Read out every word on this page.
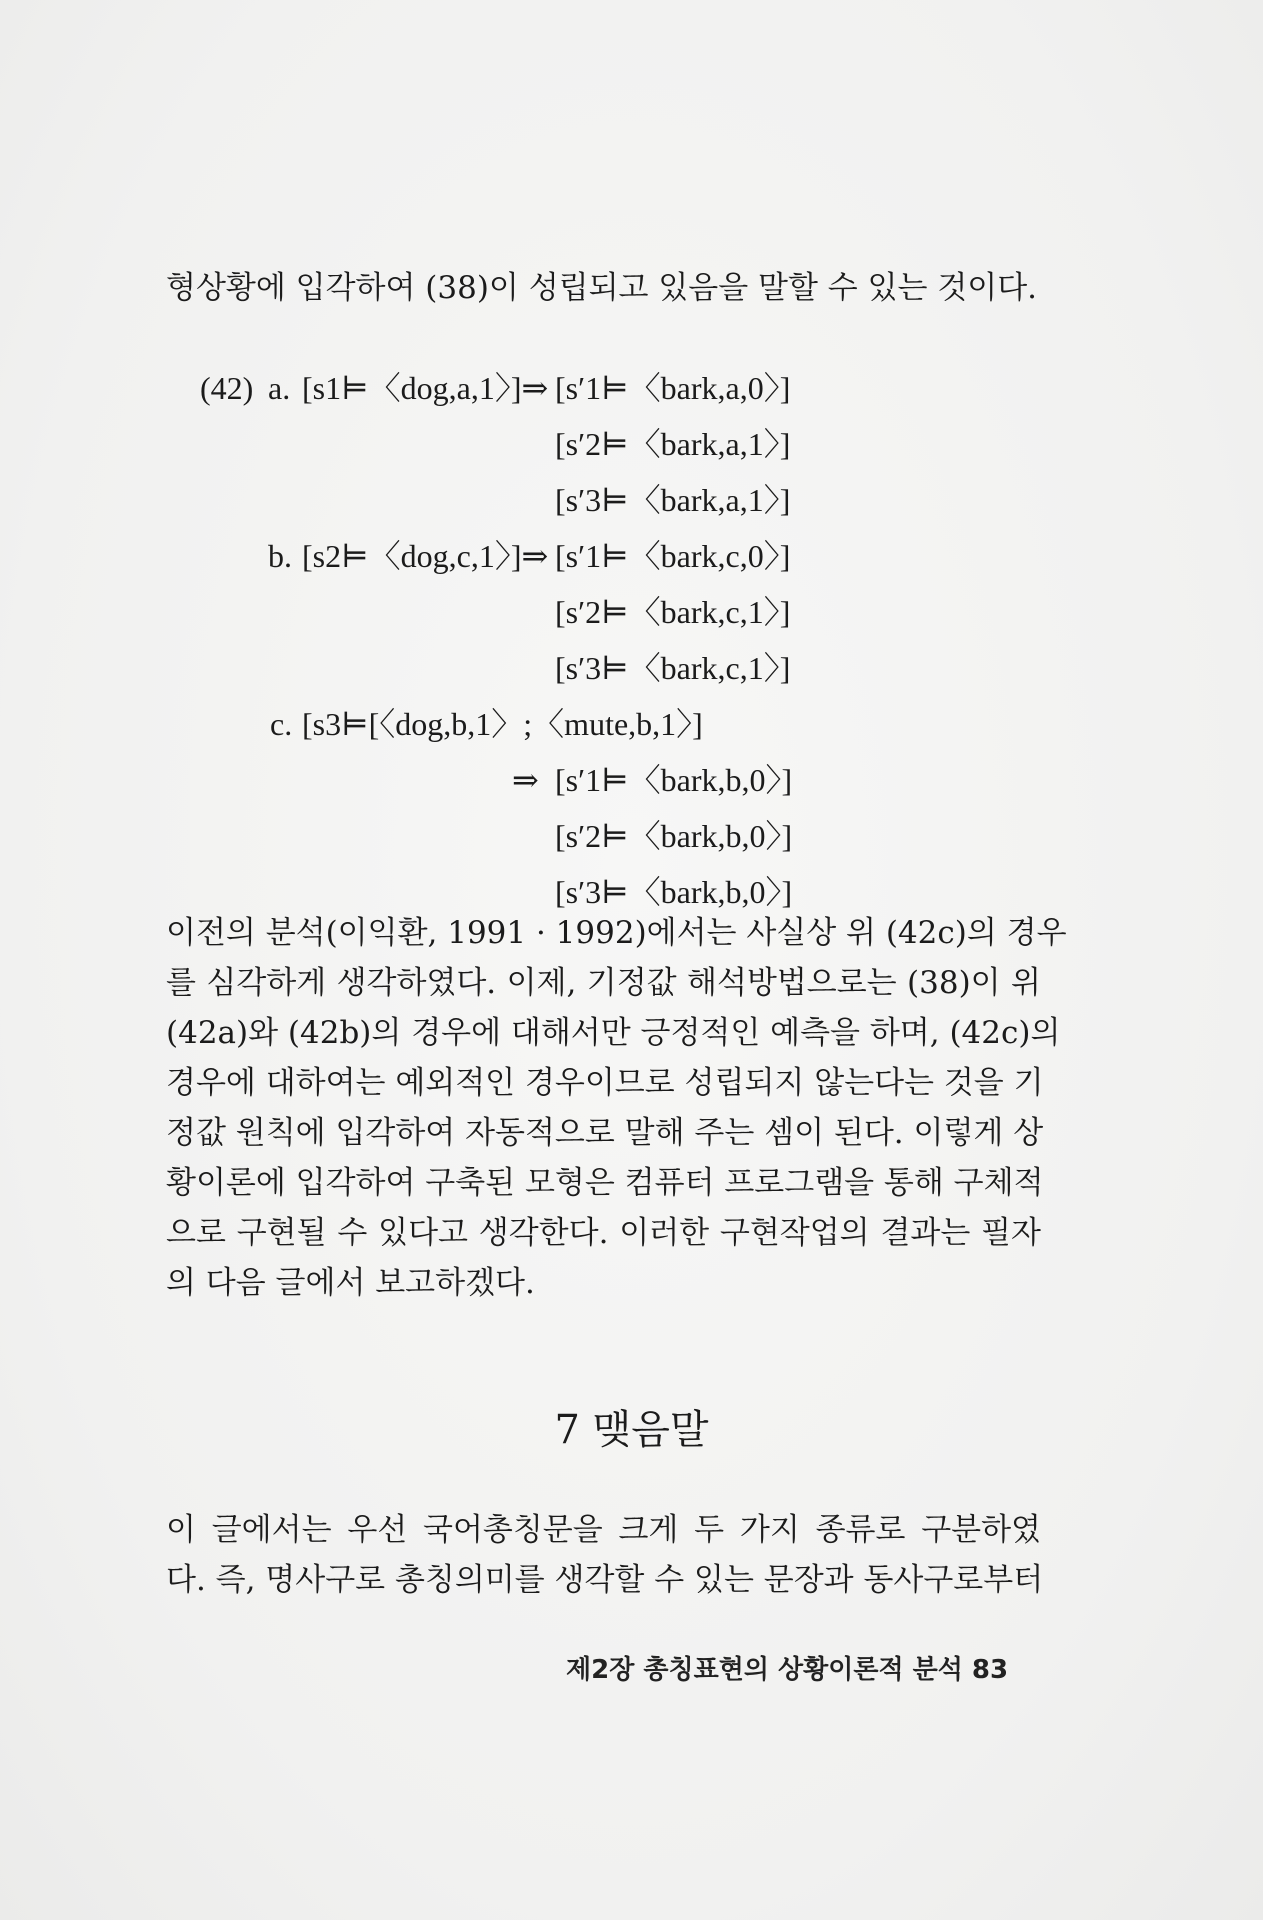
형상황에 입각하여 (38)이 성립되고 있음을 말할 수 있는 것이다.
(42) a. [s1⊨〈dog,a,1〉]⇒ [s′1⊨〈bark,a,0〉]
[s′2⊨〈bark,a,1〉]
[s′3⊨〈bark,a,1〉]
b. [s2⊨〈dog,c,1〉]⇒ [s′1⊨〈bark,c,0〉]
[s′2⊨〈bark,c,1〉]
[s′3⊨〈bark,c,1〉]
c. [s3⊨[〈dog,b,1〉;〈mute,b,1〉]
⇒ [s′1⊨〈bark,b,0〉]
[s′2⊨〈bark,b,0〉]
[s′3⊨〈bark,b,0〉]
이전의 분석(이익환, 1991 · 1992)에서는 사실상 위 (42c)의 경우
를 심각하게 생각하였다. 이제, 기정값 해석방법으로는 (38)이 위
(42a)와 (42b)의 경우에 대해서만 긍정적인 예측을 하며, (42c)의
경우에 대하여는 예외적인 경우이므로 성립되지 않는다는 것을 기
정값 원칙에 입각하여 자동적으로 말해 주는 셈이 된다. 이렇게 상
황이론에 입각하여 구축된 모형은 컴퓨터 프로그램을 통해 구체적
으로 구현될 수 있다고 생각한다. 이러한 구현작업의 결과는 필자
의 다음 글에서 보고하겠다.
7 맺음말
이 글에서는 우선 국어총칭문을 크게 두 가지 종류로 구분하였
다. 즉, 명사구로 총칭의미를 생각할 수 있는 문장과 동사구로부터
제2장 총칭표현의 상황이론적 분석 83
